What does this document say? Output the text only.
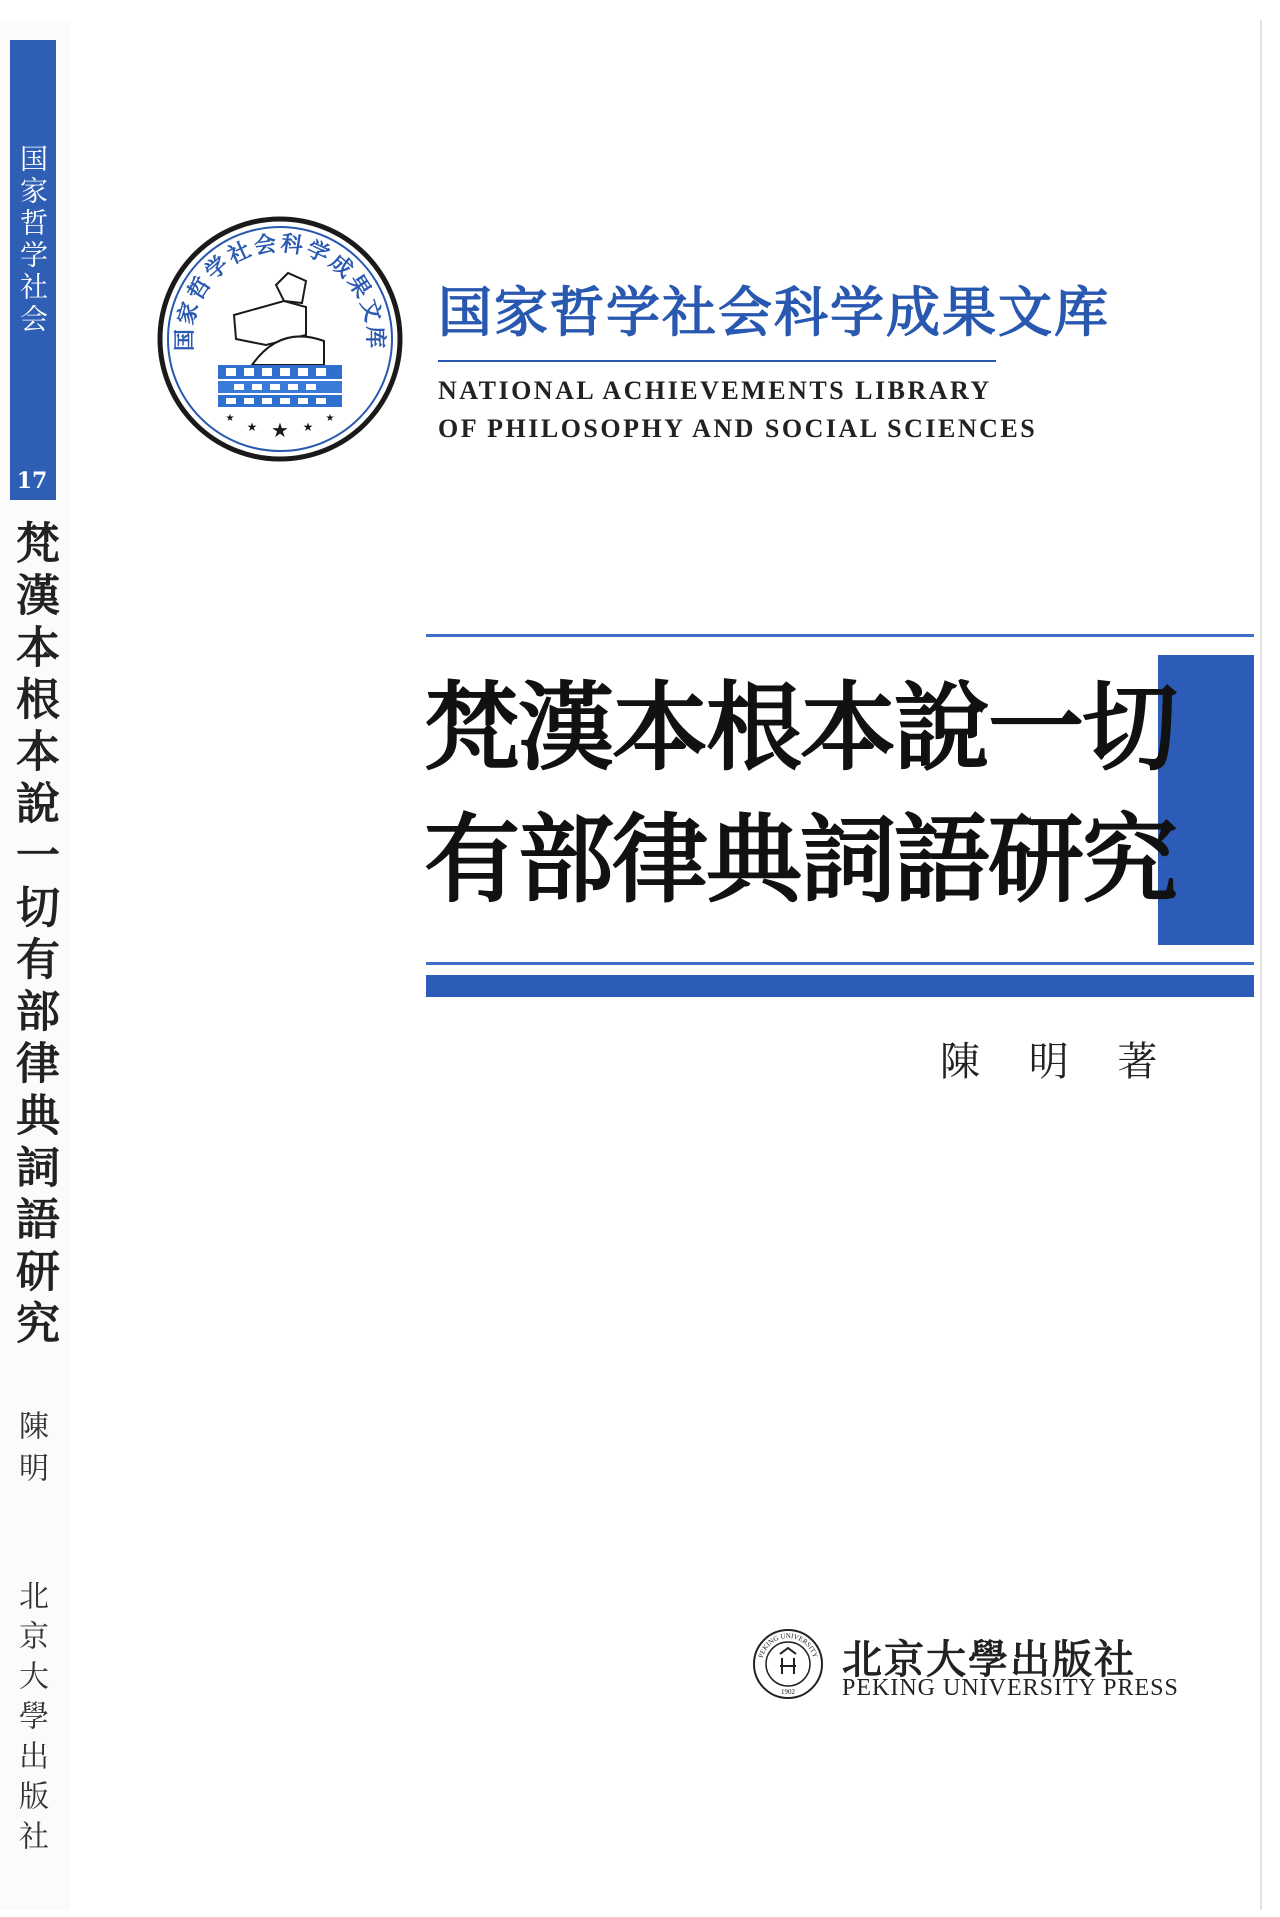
国家哲学社会
17
梵漢本根本說一切有部律典詞語研究
陳明
北京大學出版社
国家哲学社会科学成果文库
★
★	★
★	★
国家哲学社会科学成果文库
NATIONAL ACHIEVEMENTS LIBRARY
OF PHILOSOPHY AND SOCIAL SCIENCES
梵漢本根本說一切
有部律典詞語研究
陳 明 著
PEKING UNIVERSITY
1902
北京大學出版社
PEKING UNIVERSITY PRESS
